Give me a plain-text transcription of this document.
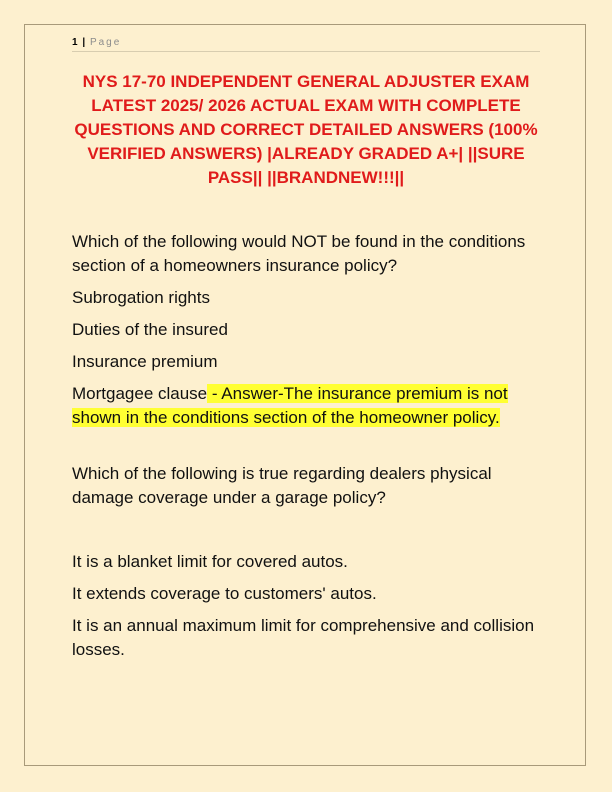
1 | Page
NYS 17-70 INDEPENDENT GENERAL ADJUSTER EXAM LATEST 2025/ 2026 ACTUAL EXAM WITH COMPLETE QUESTIONS AND CORRECT DETAILED ANSWERS (100% VERIFIED ANSWERS) |ALREADY GRADED A+| ||SURE PASS|| ||BRANDNEW!!!||

Which of the following would NOT be found in the conditions section of a homeowners insurance policy?

Subrogation rights

Duties of the insured

Insurance premium

Mortgagee clause - Answer-The insurance premium is not shown in the conditions section of the homeowner policy.

Which of the following is true regarding dealers physical damage coverage under a garage policy?

It is a blanket limit for covered autos.

It extends coverage to customers' autos.

It is an annual maximum limit for comprehensive and collision losses.
